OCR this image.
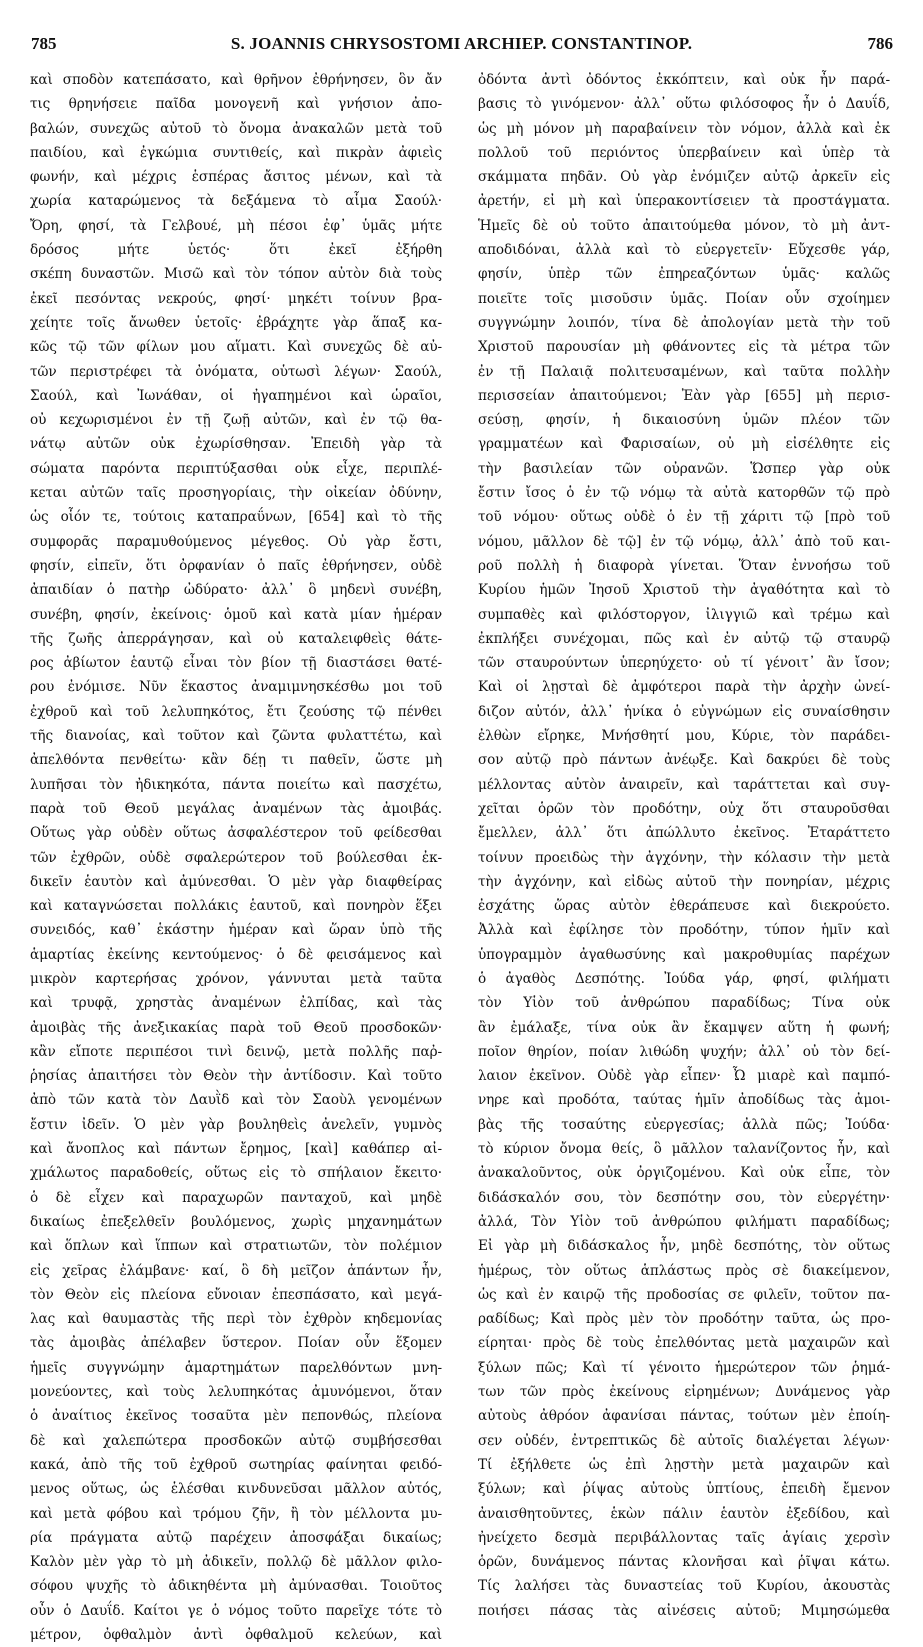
785	S. JOANNIS CHRYSOSTOMI ARCHIEP. CONSTANTINOP.	786
καὶ σποδὸν κατεπάσατο, καὶ θρῆνον ἐθρήνησεν, ὃν ἄν
τις θρηνήσειε παῖδα μονογενῆ καὶ γνήσιον ἀπο-
βαλών, συνεχῶς αὐτοῦ τὸ ὄνομα ἀνακαλῶν μετὰ τοῦ
παιδίου, καὶ ἐγκώμια συντιθείς, καὶ πικρὰν ἀφιεὶς
φωνήν, καὶ μέχρις ἑσπέρας ἄσιτος μένων, καὶ τὰ
χωρία καταρώμενος τὰ δεξάμενα τὸ αἷμα Σαούλ·
Ὄρη, φησί, τὰ Γελβουέ, μὴ πέσοι ἐφ᾽ ὑμᾶς μήτε
δρόσος μήτε ὑετός· ὅτι ἐκεῖ ἐξήρθη
σκέπη δυναστῶν. Μισῶ καὶ τὸν τόπον αὐτὸν διὰ τοὺς
ἐκεῖ πεσόντας νεκρούς, φησί· μηκέτι τοίνυν βρα-
χείητε τοῖς ἄνωθεν ὑετοῖς· ἐβράχητε γὰρ ἅπαξ κα-
κῶς τῷ τῶν φίλων μου αἵματι. Καὶ συνεχῶς δὲ αὐ-
τῶν περιστρέφει τὰ ὀνόματα, οὑτωσὶ λέγων· Σαούλ,
Σαούλ, καὶ Ἰωνάθαν, οἱ ἠγαπημένοι καὶ ὡραῖοι,
οὐ κεχωρισμένοι ἐν τῇ ζωῇ αὐτῶν, καὶ ἐν τῷ θα-
νάτῳ αὐτῶν οὐκ ἐχωρίσθησαν. Ἐπειδὴ γὰρ τὰ
σώματα παρόντα περιπτύξασθαι οὐκ εἶχε, περιπλέ-
κεται αὐτῶν ταῖς προσηγορίαις, τὴν οἰκείαν ὀδύνην,
ὡς οἷόν τε, τούτοις καταπραΰνων, [654] καὶ τὸ τῆς
συμφορᾶς παραμυθούμενος μέγεθος. Οὐ γὰρ ἔστι,
φησίν, εἰπεῖν, ὅτι ὀρφανίαν ὁ παῖς ἐθρήνησεν, οὐδὲ
ἀπαιδίαν ὁ πατὴρ ὠδύρατο· ἀλλ᾽ ὃ μηδενὶ συνέβη,
συνέβη, φησίν, ἐκείνοις· ὁμοῦ καὶ κατὰ μίαν ἡμέραν
τῆς ζωῆς ἀπερράγησαν, καὶ οὐ καταλειφθεὶς θάτε-
ρος ἀβίωτον ἑαυτῷ εἶναι τὸν βίον τῇ διαστάσει θατέ-
ρου ἐνόμισε. Νῦν ἕκαστος ἀναμιμνησκέσθω μοι τοῦ
ἐχθροῦ καὶ τοῦ λελυπηκότος, ἔτι ζεούσης τῷ πένθει
τῆς διανοίας, καὶ τοῦτον καὶ ζῶντα φυλαττέτω, καὶ
ἀπελθόντα πενθείτω· κἂν δέῃ τι παθεῖν, ὥστε μὴ
λυπῆσαι τὸν ἠδικηκότα, πάντα ποιείτω καὶ πασχέτω,
παρὰ τοῦ Θεοῦ μεγάλας ἀναμένων τὰς ἀμοιβάς.
Οὕτως γὰρ οὐδὲν οὕτως ἀσφαλέστερον τοῦ φείδεσθαι
τῶν ἐχθρῶν, οὐδὲ σφαλερώτερον τοῦ βούλεσθαι ἐκ-
δικεῖν ἑαυτὸν καὶ ἀμύνεσθαι. Ὁ μὲν γὰρ διαφθείρας
καὶ καταγνώσεται πολλάκις ἑαυτοῦ, καὶ πονηρὸν ἕξει
συνειδός, καθ᾽ ἑκάστην ἡμέραν καὶ ὥραν ὑπὸ τῆς
ἁμαρτίας ἐκείνης κεντούμενος· ὁ δὲ φεισάμενος καὶ
μικρὸν καρτερήσας χρόνον, γάννυται μετὰ ταῦτα
καὶ τρυφᾷ, χρηστὰς ἀναμένων ἐλπίδας, καὶ τὰς
ἀμοιβὰς τῆς ἀνεξικακίας παρὰ τοῦ Θεοῦ προσδοκῶν·
κἂν εἴποτε περιπέσοι τινὶ δεινῷ, μετὰ πολλῆς παῤ-
ῥησίας ἀπαιτήσει τὸν Θεὸν τὴν ἀντίδοσιν. Καὶ τοῦτο
ἀπὸ τῶν κατὰ τὸν Δαυῒδ καὶ τὸν Σαοὺλ γενομένων
ἔστιν ἰδεῖν. Ὁ μὲν γὰρ βουληθεὶς ἀνελεῖν, γυμνὸς
καὶ ἄνοπλος καὶ πάντων ἔρημος, [καὶ] καθάπερ αἰ-
χμάλωτος παραδοθείς, οὕτως εἰς τὸ σπήλαιον ἔκειτο·
ὁ δὲ εἶχεν καὶ παραχωρῶν πανταχοῦ, καὶ μηδὲ
δικαίως ἐπεξελθεῖν βουλόμενος, χωρὶς μηχανημάτων
καὶ ὅπλων καὶ ἵππων καὶ στρατιωτῶν, τὸν πολέμιον
εἰς χεῖρας ἐλάμβανε· καί, ὃ δὴ μεῖζον ἁπάντων ἦν,
τὸν Θεὸν εἰς πλείονα εὔνοιαν ἐπεσπάσατο, καὶ μεγά-
λας καὶ θαυμαστὰς τῆς περὶ τὸν ἐχθρὸν κηδεμονίας
τὰς ἀμοιβὰς ἀπέλαβεν ὕστερον. Ποίαν οὖν ἕξομεν
ἡμεῖς συγγνώμην ἁμαρτημάτων παρελθόντων μνη-
μονεύοντες, καὶ τοὺς λελυπηκότας ἀμυνόμενοι, ὅταν
ὁ ἀναίτιος ἐκεῖνος τοσαῦτα μὲν πεπονθώς, πλείονα
δὲ καὶ χαλεπώτερα προσδοκῶν αὐτῷ συμβήσεσθαι
κακά, ἀπὸ τῆς τοῦ ἐχθροῦ σωτηρίας φαίνηται φειδό-
μενος οὕτως, ὡς ἑλέσθαι κινδυνεῦσαι μᾶλλον αὐτός,
καὶ μετὰ φόβου καὶ τρόμου ζῆν, ἢ τὸν μέλλοντα μυ-
ρία πράγματα αὐτῷ παρέχειν ἀποσφάξαι δικαίως;
Καλὸν μὲν γὰρ τὸ μὴ ἀδικεῖν, πολλῷ δὲ μᾶλλον φιλο-
σόφου ψυχῆς τὸ ἀδικηθέντα μὴ ἀμύνασθαι. Τοιοῦτος
οὖν ὁ Δαυΐδ. Καίτοι γε ὁ νόμος τοῦτο παρεῖχε τότε τὸ
μέτρον, ὀφθαλμὸν ἀντὶ ὀφθαλμοῦ κελεύων, καὶ
ὀδόντα ἀντὶ ὀδόντος ἐκκόπτειν, καὶ οὐκ ἦν παρά-
βασις τὸ γινόμενον· ἀλλ᾽ οὕτω φιλόσοφος ἦν ὁ Δαυΐδ,
ὡς μὴ μόνον μὴ παραβαίνειν τὸν νόμον, ἀλλὰ καὶ ἐκ
πολλοῦ τοῦ περιόντος ὑπερβαίνειν καὶ ὑπὲρ τὰ
σκάμματα πηδᾶν. Οὐ γὰρ ἐνόμιζεν αὐτῷ ἀρκεῖν εἰς
ἀρετήν, εἰ μὴ καὶ ὑπερακοντίσειεν τὰ προστάγματα.
Ἡμεῖς δὲ οὐ τοῦτο ἀπαιτούμεθα μόνον, τὸ μὴ ἀντ-
αποδιδόναι, ἀλλὰ καὶ τὸ εὐεργετεῖν· Εὔχεσθε γάρ,
φησίν, ὑπὲρ τῶν ἐπηρεαζόντων ὑμᾶς· καλῶς
ποιεῖτε τοῖς μισοῦσιν ὑμᾶς. Ποίαν οὖν σχοίημεν
συγγνώμην λοιπόν, τίνα δὲ ἀπολογίαν μετὰ τὴν τοῦ
Χριστοῦ παρουσίαν μὴ φθάνοντες εἰς τὰ μέτρα τῶν
ἐν τῇ Παλαιᾷ πολιτευσαμένων, καὶ ταῦτα πολλὴν
περισσείαν ἀπαιτούμενοι; Ἐὰν γὰρ [655] μὴ περισ-
σεύσῃ, φησίν, ἡ δικαιοσύνη ὑμῶν πλέον τῶν
γραμματέων καὶ Φαρισαίων, οὐ μὴ εἰσέλθητε εἰς
τὴν βασιλείαν τῶν οὐρανῶν. Ὥσπερ γὰρ οὐκ
ἔστιν ἴσος ὁ ἐν τῷ νόμῳ τὰ αὐτὰ κατορθῶν τῷ πρὸ
τοῦ νόμου· οὕτως οὐδὲ ὁ ἐν τῇ χάριτι τῷ [πρὸ τοῦ
νόμου, μᾶλλον δὲ τῷ] ἐν τῷ νόμῳ, ἀλλ᾽ ἀπὸ τοῦ και-
ροῦ πολλὴ ἡ διαφορὰ γίνεται. Ὅταν ἐννοήσω τοῦ
Κυρίου ἡμῶν Ἰησοῦ Χριστοῦ τὴν ἀγαθότητα καὶ τὸ
συμπαθὲς καὶ φιλόστοργον, ἰλιγγιῶ καὶ τρέμω καὶ
ἐκπλήξει συνέχομαι, πῶς καὶ ἐν αὐτῷ τῷ σταυρῷ
τῶν σταυρούντων ὑπερηύχετο· οὐ τί γένοιτ᾽ ἂν ἴσον;
Καὶ οἱ λῃσταὶ δὲ ἀμφότεροι παρὰ τὴν ἀρχὴν ὠνεί-
διζον αὐτόν, ἀλλ᾽ ἡνίκα ὁ εὐγνώμων εἰς συναίσθησιν
ἐλθὼν εἴρηκε, Μνήσθητί μου, Κύριε, τὸν παράδει-
σον αὐτῷ πρὸ πάντων ἀνέῳξε. Καὶ δακρύει δὲ τοὺς
μέλλοντας αὐτὸν ἀναιρεῖν, καὶ ταράττεται καὶ συγ-
χεῖται ὁρῶν τὸν προδότην, οὐχ ὅτι σταυροῦσθαι
ἔμελλεν, ἀλλ᾽ ὅτι ἀπώλλυτο ἐκεῖνος. Ἐταράττετο
τοίνυν προειδὼς τὴν ἀγχόνην, τὴν κόλασιν τὴν μετὰ
τὴν ἀγχόνην, καὶ εἰδὼς αὐτοῦ τὴν πονηρίαν, μέχρις
ἐσχάτης ὥρας αὐτὸν ἐθεράπευσε καὶ διεκρούετο.
Ἀλλὰ καὶ ἐφίλησε τὸν προδότην, τύπον ἡμῖν καὶ
ὑπογραμμὸν ἀγαθωσύνης καὶ μακροθυμίας παρέχων
ὁ ἀγαθὸς Δεσπότης. Ἰούδα γάρ, φησί, φιλήματι
τὸν Υἱὸν τοῦ ἀνθρώπου παραδίδως; Τίνα οὐκ
ἂν ἐμάλαξε, τίνα οὐκ ἂν ἔκαμψεν αὕτη ἡ φωνή;
ποῖον θηρίον, ποίαν λιθώδη ψυχήν; ἀλλ᾽ οὐ τὸν δεί-
λαιον ἐκεῖνον. Οὐδὲ γὰρ εἶπεν· Ὦ μιαρὲ καὶ παμπό-
νηρε καὶ προδότα, ταύτας ἡμῖν ἀποδίδως τὰς ἀμοι-
βὰς τῆς τοσαύτης εὐεργεσίας; ἀλλὰ πῶς; Ἰούδα·
τὸ κύριον ὄνομα θείς, ὃ μᾶλλον ταλανίζοντος ἦν, καὶ
ἀνακαλοῦντος, οὐκ ὀργιζομένου. Καὶ οὐκ εἶπε, τὸν
διδάσκαλόν σου, τὸν δεσπότην σου, τὸν εὐεργέτην·
ἀλλά, Τὸν Υἱὸν τοῦ ἀνθρώπου φιλήματι παραδίδως;
Εἰ γὰρ μὴ διδάσκαλος ἦν, μηδὲ δεσπότης, τὸν οὕτως
ἡμέρως, τὸν οὕτως ἁπλάστως πρὸς σὲ διακείμενον,
ὡς καὶ ἐν καιρῷ τῆς προδοσίας σε φιλεῖν, τοῦτον πα-
ραδίδως; Καὶ πρὸς μὲν τὸν προδότην ταῦτα, ὡς προ-
είρηται· πρὸς δὲ τοὺς ἐπελθόντας μετὰ μαχαιρῶν καὶ
ξύλων πῶς; Καὶ τί γένοιτο ἡμερώτερον τῶν ῥημά-
των τῶν πρὸς ἐκείνους εἰρημένων; Δυνάμενος γὰρ
αὐτοὺς ἀθρόον ἀφανίσαι πάντας, τούτων μὲν ἐποίη-
σεν οὐδέν, ἐντρεπτικῶς δὲ αὐτοῖς διαλέγεται λέγων·
Τί ἐξήλθετε ὡς ἐπὶ λῃστὴν μετὰ μαχαιρῶν καὶ
ξύλων; καὶ ῥίψας αὐτοὺς ὑπτίους, ἐπειδὴ ἔμενον
ἀναισθητοῦντες, ἑκὼν πάλιν ἑαυτὸν ἐξεδίδου, καὶ
ἠνείχετο δεσμὰ περιβάλλοντας ταῖς ἁγίαις χερσὶν
ὁρῶν, δυνάμενος πάντας κλονῆσαι καὶ ῥῖψαι κάτω.
Τίς λαλήσει τὰς δυναστείας τοῦ Κυρίου, ἀκουστὰς
ποιήσει πάσας τὰς αἰνέσεις αὐτοῦ; Μιμησώμεθα
